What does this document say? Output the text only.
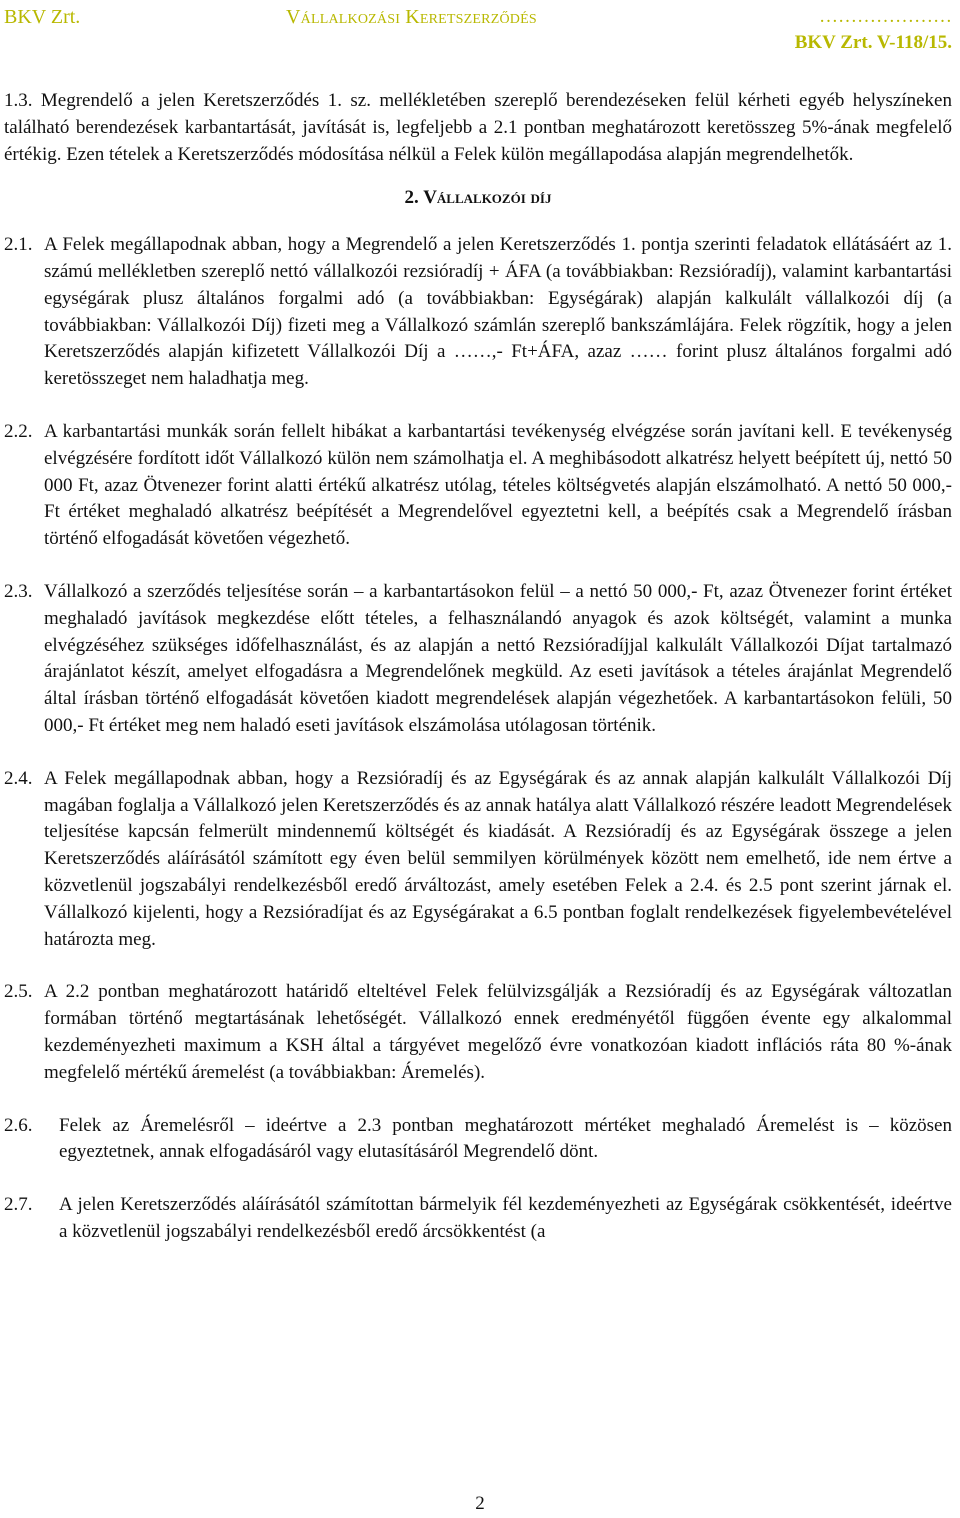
BKV Zrt.	Vállalkozási Keretszerződés	…………………
BKV Zrt. V-118/15.

1.3. Megrendelő a jelen Keretszerződés 1. sz. mellékletében szereplő berendezéseken felül kérheti egyéb helyszíneken található berendezések karbantartását, javítását is, legfeljebb a 2.1 pontban meghatározott keretösszeg 5%-ának megfelelő értékig. Ezen tételek a Keretszerződés módosítása nélkül a Felek külön megállapodása alapján megrendelhetők.

2. Vállalkozói díj

2.1. A Felek megállapodnak abban, hogy a Megrendelő a jelen Keretszerződés 1. pontja szerinti feladatok ellátásáért az 1. számú mellékletben szereplő nettó vállalkozói rezsióradíj + ÁFA (a továbbiakban: Rezsióradíj), valamint karbantartási egységárak plusz általános forgalmi adó (a továbbiakban: Egységárak) alapján kalkulált vállalkozói díj (a továbbiakban: Vállalkozói Díj) fizeti meg a Vállalkozó számlán szereplő bankszámlájára. Felek rögzítik, hogy a jelen Keretszerződés alapján kifizetett Vállalkozói Díj a ……,- Ft+ÁFA, azaz …… forint plusz általános forgalmi adó keretösszeget nem haladhatja meg.

2.2. A karbantartási munkák során fellelt hibákat a karbantartási tevékenység elvégzése során javítani kell. E tevékenység elvégzésére fordított időt Vállalkozó külön nem számolhatja el. A meghibásodott alkatrész helyett beépített új, nettó 50 000 Ft, azaz Ötvenezer forint alatti értékű alkatrész utólag, tételes költségvetés alapján elszámolható. A nettó 50 000,- Ft értéket meghaladó alkatrész beépítését a Megrendelővel egyeztetni kell, a beépítés csak a Megrendelő írásban történő elfogadását követően végezhető.

2.3. Vállalkozó a szerződés teljesítése során – a karbantartásokon felül – a nettó 50 000,- Ft, azaz Ötvenezer forint értéket meghaladó javítások megkezdése előtt tételes, a felhasználandó anyagok és azok költségét, valamint a munka elvégzéséhez szükséges időfelhasználást, és az alapján a nettó Rezsióradíjjal kalkulált Vállalkozói Díjat tartalmazó árajánlatot készít, amelyet elfogadásra a Megrendelőnek megküld. Az eseti javítások a tételes árajánlat Megrendelő által írásban történő elfogadását követően kiadott megrendelések alapján végezhetőek. A karbantartásokon felüli, 50 000,- Ft értéket meg nem haladó eseti javítások elszámolása utólagosan történik.

2.4. A Felek megállapodnak abban, hogy a Rezsióradíj és az Egységárak és az annak alapján kalkulált Vállalkozói Díj magában foglalja a Vállalkozó jelen Keretszerződés és az annak hatálya alatt Vállalkozó részére leadott Megrendelések teljesítése kapcsán felmerült mindennemű költségét és kiadását. A Rezsióradíj és az Egységárak összege a jelen Keretszerződés aláírásától számított egy éven belül semmilyen körülmények között nem emelhető, ide nem értve a közvetlenül jogszabályi rendelkezésből eredő árváltozást, amely esetében Felek a 2.4. és 2.5 pont szerint járnak el. Vállalkozó kijelenti, hogy a Rezsióradíjat és az Egységárakat a 6.5 pontban foglalt rendelkezések figyelembevételével határozta meg.

2.5. A 2.2 pontban meghatározott határidő elteltével Felek felülvizsgálják a Rezsióradíj és az Egységárak változatlan formában történő megtartásának lehetőségét. Vállalkozó ennek eredményétől függően évente egy alkalommal kezdeményezheti maximum a KSH által a tárgyévet megelőző évre vonatkozóan kiadott inflációs ráta 80 %-ának megfelelő mértékű áremelést (a továbbiakban: Áremelés).

2.6. Felek az Áremelésről – ideértve a 2.3 pontban meghatározott mértéket meghaladó Áremelést is – közösen egyeztetnek, annak elfogadásáról vagy elutasításáról Megrendelő dönt.

2.7. A jelen Keretszerződés aláírásától számítottan bármelyik fél kezdeményezheti az Egységárak csökkentését, ideértve a közvetlenül jogszabályi rendelkezésből eredő árcsökkentést (a

2
